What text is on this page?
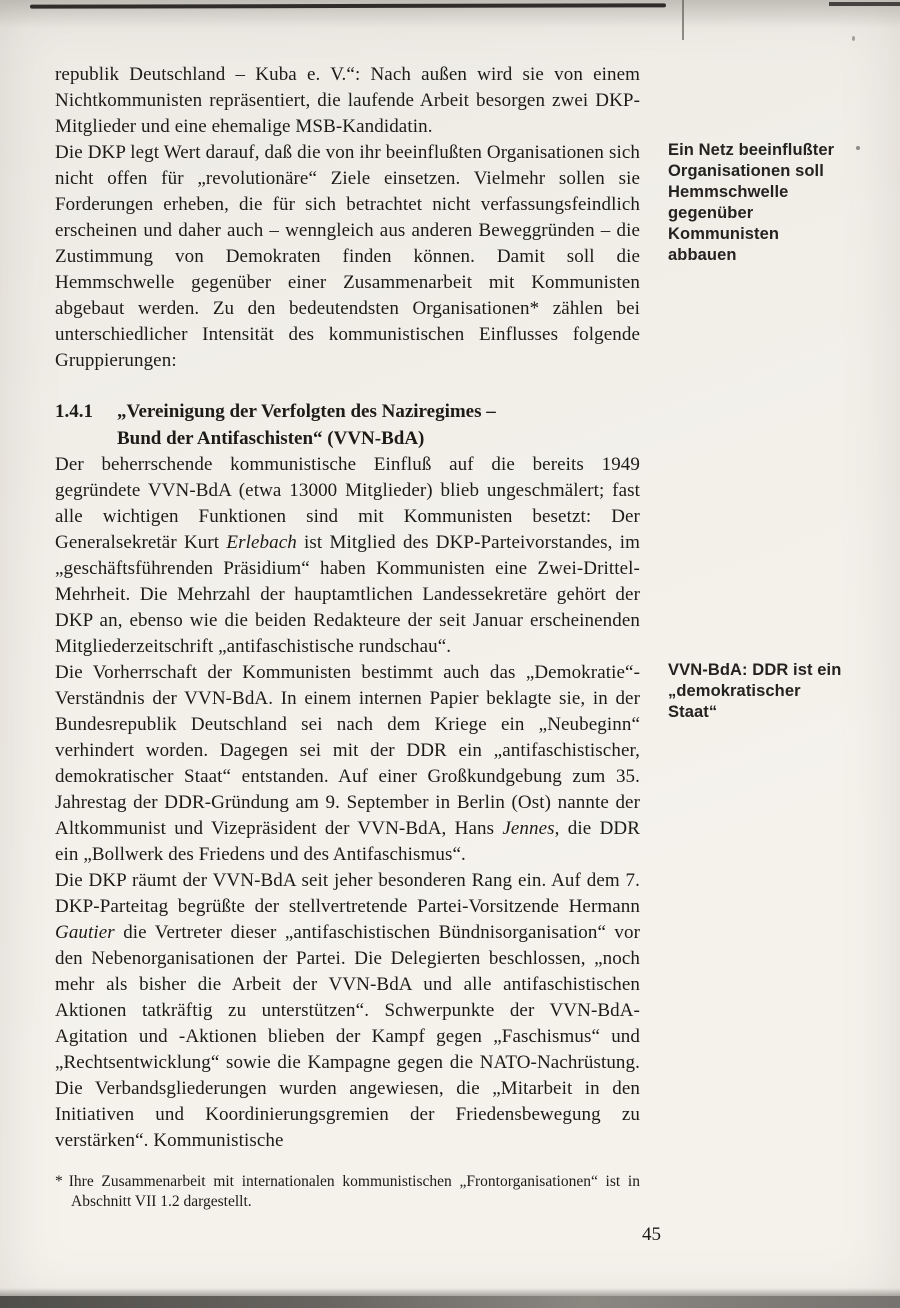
republik Deutschland – Kuba e. V.“: Nach außen wird sie von einem Nichtkommunisten repräsentiert, die laufende Arbeit besorgen zwei DKP-Mitglieder und eine ehemalige MSB-Kandidatin.

Die DKP legt Wert darauf, daß die von ihr beeinflußten Organisationen sich nicht offen für „revolutionäre“ Ziele einsetzen. Vielmehr sollen sie Forderungen erheben, die für sich betrachtet nicht verfassungsfeindlich erscheinen und daher auch – wenngleich aus anderen Beweggründen – die Zustimmung von Demokraten finden können. Damit soll die Hemmschwelle gegenüber einer Zusammenarbeit mit Kommunisten abgebaut werden. Zu den bedeutendsten Organisationen* zählen bei unterschiedlicher Intensität des kommunistischen Einflusses folgende Gruppierungen:

Ein Netz beeinflußter Organisationen soll Hemmschwelle gegenüber Kommunisten abbauen
1.4.1	„Vereinigung der Verfolgten des Naziregimes –
Bund der Antifaschisten“ (VVN-BdA)

Der beherrschende kommunistische Einfluß auf die bereits 1949 gegründete VVN-BdA (etwa 13000 Mitglieder) blieb ungeschmälert; fast alle wichtigen Funktionen sind mit Kommunisten besetzt: Der Generalsekretär Kurt Erlebach ist Mitglied des DKP-Parteivorstandes, im „geschäftsführenden Präsidium“ haben Kommunisten eine Zwei-Drittel-Mehrheit. Die Mehrzahl der hauptamtlichen Landessekretäre gehört der DKP an, ebenso wie die beiden Redakteure der seit Januar erscheinenden Mitgliederzeitschrift „antifaschistische rundschau“.

Die Vorherrschaft der Kommunisten bestimmt auch das „Demokratie“-Verständnis der VVN-BdA. In einem internen Papier beklagte sie, in der Bundesrepublik Deutschland sei nach dem Kriege ein „Neubeginn“ verhindert worden. Dagegen sei mit der DDR ein „antifaschistischer, demokratischer Staat“ entstanden. Auf einer Großkundgebung zum 35. Jahrestag der DDR-Gründung am 9. September in Berlin (Ost) nannte der Altkommunist und Vizepräsident der VVN-BdA, Hans Jennes, die DDR ein „Bollwerk des Friedens und des Antifaschismus“.

VVN-BdA: DDR ist ein „demokratischer Staat“

Die DKP räumt der VVN-BdA seit jeher besonderen Rang ein. Auf dem 7. DKP-Parteitag begrüßte der stellvertretende Partei-Vorsitzende Hermann Gautier die Vertreter dieser „antifaschistischen Bündnisorganisation“ vor den Nebenorganisationen der Partei. Die Delegierten beschlossen, „noch mehr als bisher die Arbeit der VVN-BdA und alle antifaschistischen Aktionen tatkräftig zu unterstützen“. Schwerpunkte der VVN-BdA-Agitation und -Aktionen blieben der Kampf gegen „Faschismus“ und „Rechtsentwicklung“ sowie die Kampagne gegen die NATO-Nachrüstung. Die Verbandsgliederungen wurden angewiesen, die „Mitarbeit in den Initiativen und Koordinierungsgremien der Friedensbewegung zu verstärken“. Kommunistische

* Ihre Zusammenarbeit mit internationalen kommunistischen „Frontorganisationen“ ist in Abschnitt VII 1.2 dargestellt.
45
